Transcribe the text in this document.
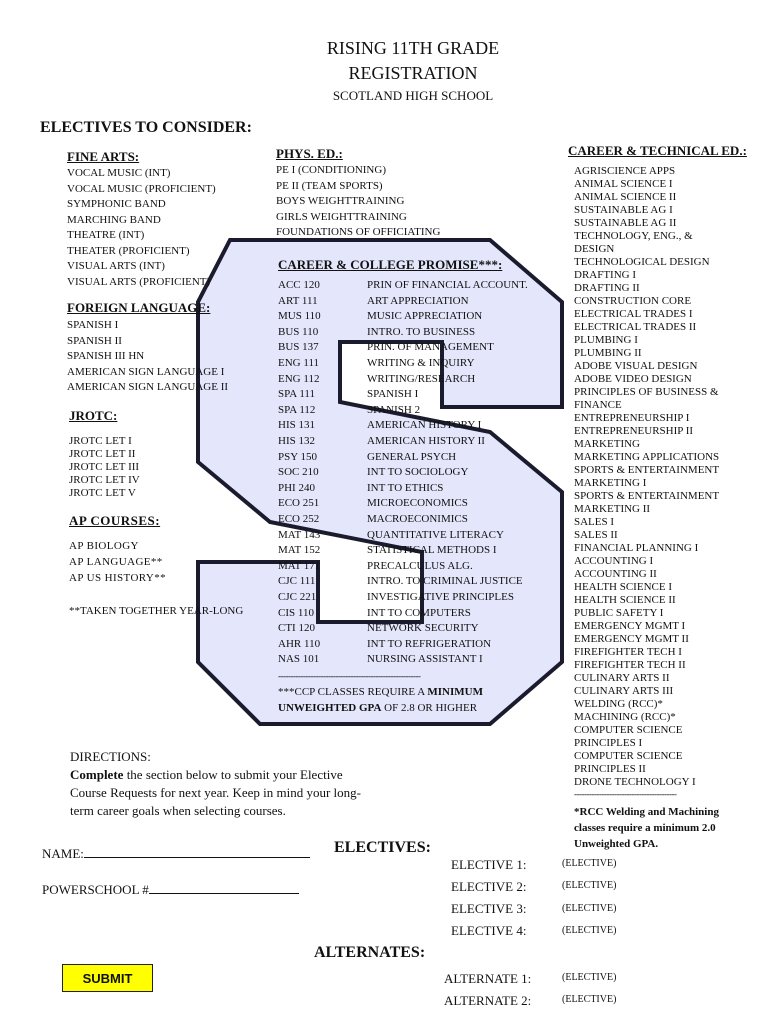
RISING 11TH GRADE
REGISTRATION
SCOTLAND HIGH SCHOOL
ELECTIVES TO CONSIDER:
FINE ARTS:
VOCAL MUSIC (INT)
VOCAL MUSIC (PROFICIENT)
SYMPHONIC BAND
MARCHING BAND
THEATRE (INT)
THEATER (PROFICIENT)
VISUAL ARTS (INT)
VISUAL ARTS (PROFICIENT)
FOREIGN LANGUAGE:
SPANISH I
SPANISH II
SPANISH III HN
AMERICAN SIGN LANGUAGE I
AMERICAN SIGN LANGUAGE II
JROTC:
JROTC LET I
JROTC LET II
JROTC LET III
JROTC LET IV
JROTC LET V
AP COURSES:
AP BIOLOGY
AP LANGUAGE**
AP US HISTORY**
**TAKEN TOGETHER YEAR-LONG
PHYS. ED.:
PE I (CONDITIONING)
PE II (TEAM SPORTS)
BOYS WEIGHTTRAINING
GIRLS WEIGHTTRAINING
FOUNDATIONS OF OFFICIATING
CAREER & COLLEGE PROMISE***:
ACC 120	PRIN OF FINANCIAL ACCOUNT.
ART 111	ART APPRECIATION
MUS 110	MUSIC APPRECIATION
BUS 110	INTRO. TO BUSINESS
BUS 137	PRIN. OF MANAGEMENT
ENG 111	WRITING & INQUIRY
ENG 112	WRITING/RESEARCH
SPA 111	SPANISH I
SPA 112	SPANISH 2
HIS 131	AMERICAN HISTORY I
HIS 132	AMERICAN HISTORY II
PSY 150	GENERAL PSYCH
SOC 210	INT TO SOCIOLOGY
PHI 240	INT TO ETHICS
ECO 251	MICROECONOMICS
ECO 252	MACROECONIMICS
MAT 143	QUANTITATIVE LITERACY
MAT 152	STATISTICAL METHODS I
MAT 171	PRECALCULUS ALG.
CJC 111	INTRO. TO CRIMINAL JUSTICE
CJC 221	INVESTIGATIVE PRINCIPLES
CIS 110	INT TO COMPUTERS
CTI 120	NETWORK SECURITY
AHR 110	INT TO REFRIGERATION
NAS 101	NURSING ASSISTANT I
---------------------------------------------------------
***CCP CLASSES REQUIRE A MINIMUM
UNWEIGHTED GPA OF 2.8 OR HIGHER
CAREER & TECHNICAL ED.:
AGRISCIENCE APPS
ANIMAL SCIENCE I
ANIMAL SCIENCE II
SUSTAINABLE AG I
SUSTAINABLE AG II
TECHNOLOGY, ENG., &
DESIGN
TECHNOLOGICAL DESIGN
DRAFTING I
DRAFTING II
CONSTRUCTION CORE
ELECTRICAL TRADES I
ELECTRICAL TRADES II
PLUMBING I
PLUMBING II
ADOBE VISUAL DESIGN
ADOBE VIDEO DESIGN
PRINCIPLES OF BUSINESS &
FINANCE
ENTREPRENEURSHIP I
ENTREPRENEURSHIP II
MARKETING
MARKETING APPLICATIONS
SPORTS & ENTERTAINMENT
MARKETING I
SPORTS & ENTERTAINMENT
MARKETING II
SALES I
SALES II
FINANCIAL PLANNING I
ACCOUNTING I
ACCOUNTING II
HEALTH SCIENCE I
HEALTH SCIENCE II
PUBLIC SAFETY I
EMERGENCY MGMT I
EMERGENCY MGMT II
FIREFIGHTER TECH I
FIREFIGHTER TECH II
CULINARY ARTS II
CULINARY ARTS III
WELDING (RCC)*
MACHINING (RCC)*
COMPUTER SCIENCE
PRINCIPLES I
COMPUTER SCIENCE
PRINCIPLES II
DRONE TECHNOLOGY I
-----------------------------------------
*RCC Welding and Machining
classes require a minimum 2.0
Unweighted GPA.
DIRECTIONS:
Complete the section below to submit your Elective
Course Requests for next year. Keep in mind your long-
term career goals when selecting courses.
NAME:
POWERSCHOOL #
ELECTIVES:
ALTERNATES:
ELECTIVE 1:	(ELECTIVE)
ELECTIVE 2:	(ELECTIVE)
ELECTIVE 3:	(ELECTIVE)
ELECTIVE 4:	(ELECTIVE)
ALTERNATE 1:	(ELECTIVE)
ALTERNATE 2:	(ELECTIVE)
SUBMIT
